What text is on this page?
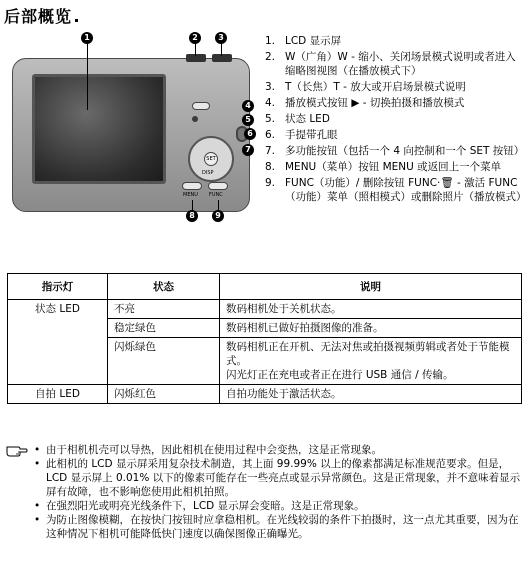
后部概览
SET
DISP
MENU FUNC
1	2	3
4
5
6
7
8	9
1. LCD 显示屏
2. W（广角）W - 缩小、关闭场景模式说明或者进入缩略图视图（在播放模式下）
3. T（长焦）T - 放大或开启场景模式说明
4. 播放模式按钮 ▶ - 切换拍摄和播放模式
5. 状态 LED
6. 手提带孔眼
7. 多功能按钮（包括一个 4 向控制和一个 SET 按钮）
8. MENU（菜单）按钮 MENU 或返回上一个菜单
9. FUNC（功能）/ 删除按钮 FUNC·🗑 - 激活 FUNC（功能）菜单（照相模式）或删除照片（播放模式）
指示灯	状态	说明
状态 LED	不亮	数码相机处于关机状态。
	稳定绿色	数码相机已做好拍摄图像的准备。
	闪烁绿色	数码相机正在开机、无法对焦或拍摄视频剪辑或者处于节能模式。
闪光灯正在充电或者正在进行 USB 通信 / 传输。

自拍 LED	闪烁红色	自拍功能处于激活状态。
• 由于相机机壳可以导热，因此相机在使用过程中会变热，这是正常现象。
• 此相机的 LCD 显示屏采用复杂技术制造，其上面 99.99% 以上的像素都满足标准规范要求。但是，LCD 显示屏上 0.01% 以下的像素可能存在一些亮点或显示异常颜色。这是正常现象，并不意味着显示屏有故障，也不影响您使用此相机拍照。
• 在强烈阳光或明亮光线条件下，LCD 显示屏会变暗。这是正常现象。
• 为防止图像模糊，在按快门按钮时应拿稳相机。在光线较弱的条件下拍摄时，这一点尤其重要，因为在这种情况下相机可能降低快门速度以确保图像正确曝光。
